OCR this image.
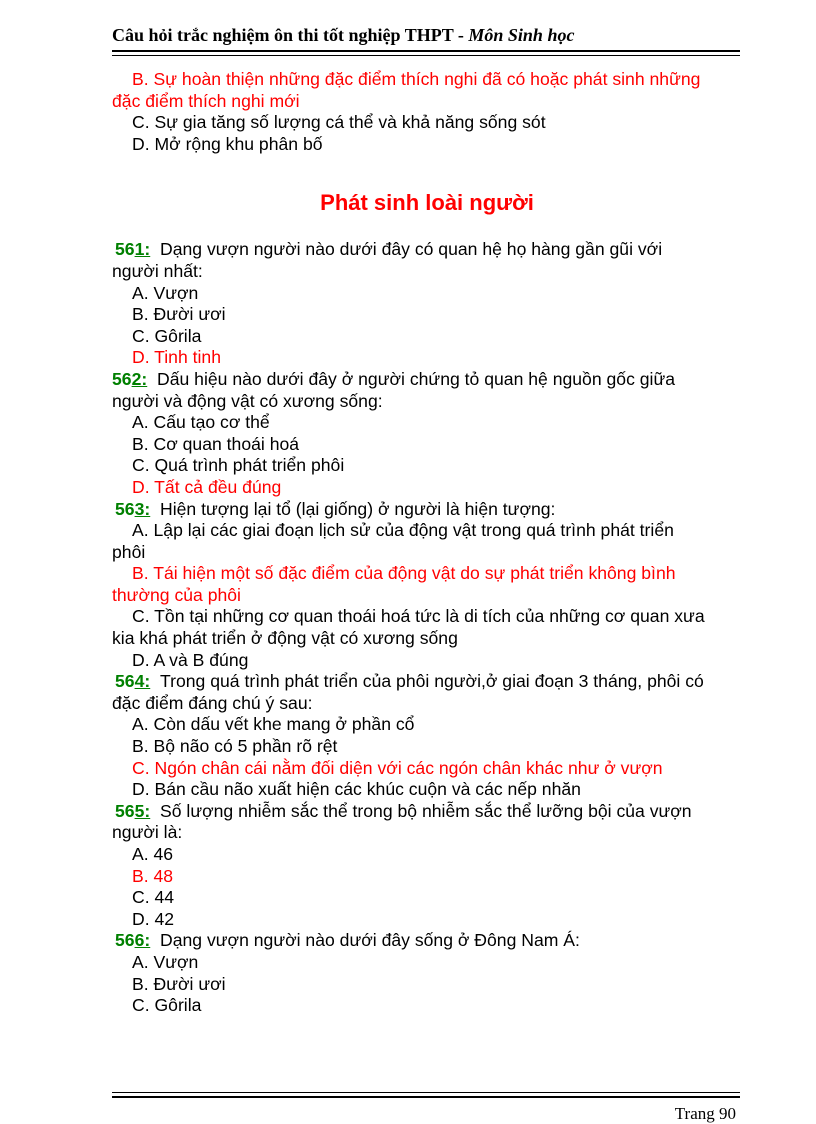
Câu hỏi trắc nghiệm ôn thi tốt nghiệp THPT - Môn Sinh học
B. Sự hoàn thiện những đặc điểm thích nghi đã có hoặc phát sinh những
đặc điểm thích nghi mới
C. Sự gia tăng số lượng cá thể và khả năng sống sót
D. Mở rộng khu phân bố
Phát sinh loài người
561: Dạng vượn người nào dưới đây có quan hệ họ hàng gần gũi với
người nhất:
A. Vượn
B. Đười ươi
C. Gôrila
D. Tinh tinh
562: Dấu hiệu nào dưới đây ở người chứng tỏ quan hệ nguồn gốc giữa
người và động vật có xương sống:
A. Cấu tạo cơ thể
B. Cơ quan thoái hoá
C. Quá trình phát triển phôi
D. Tất cả đều đúng
563: Hiện tượng lại tổ (lại giống) ở người là hiện tượng:
A. Lập lại các giai đoạn lịch sử của động vật trong quá trình phát triển
phôi
B. Tái hiện một số đặc điểm của động vật do sự phát triển không bình
thường của phôi
C. Tồn tại những cơ quan thoái hoá tức là di tích của những cơ quan xưa
kia khá phát triển ở động vật có xương sống
D. A và B đúng
564: Trong quá trình phát triển của phôi người,ở giai đoạn 3 tháng, phôi có
đặc điểm đáng chú ý sau:
A. Còn dấu vết khe mang ở phần cổ
B. Bộ não có 5 phần rõ rệt
C. Ngón chân cái nằm đối diện với các ngón chân khác như ở vượn
D. Bán cầu não xuất hiện các khúc cuộn và các nếp nhăn
565: Số lượng nhiễm sắc thể trong bộ nhiễm sắc thể lưỡng bội của vượn
người là:
A. 46
B. 48
C. 44
D. 42
566: Dạng vượn người nào dưới đây sống ở Đông Nam Á:
A. Vượn
B. Đười ươi
C. Gôrila
Trang 90
